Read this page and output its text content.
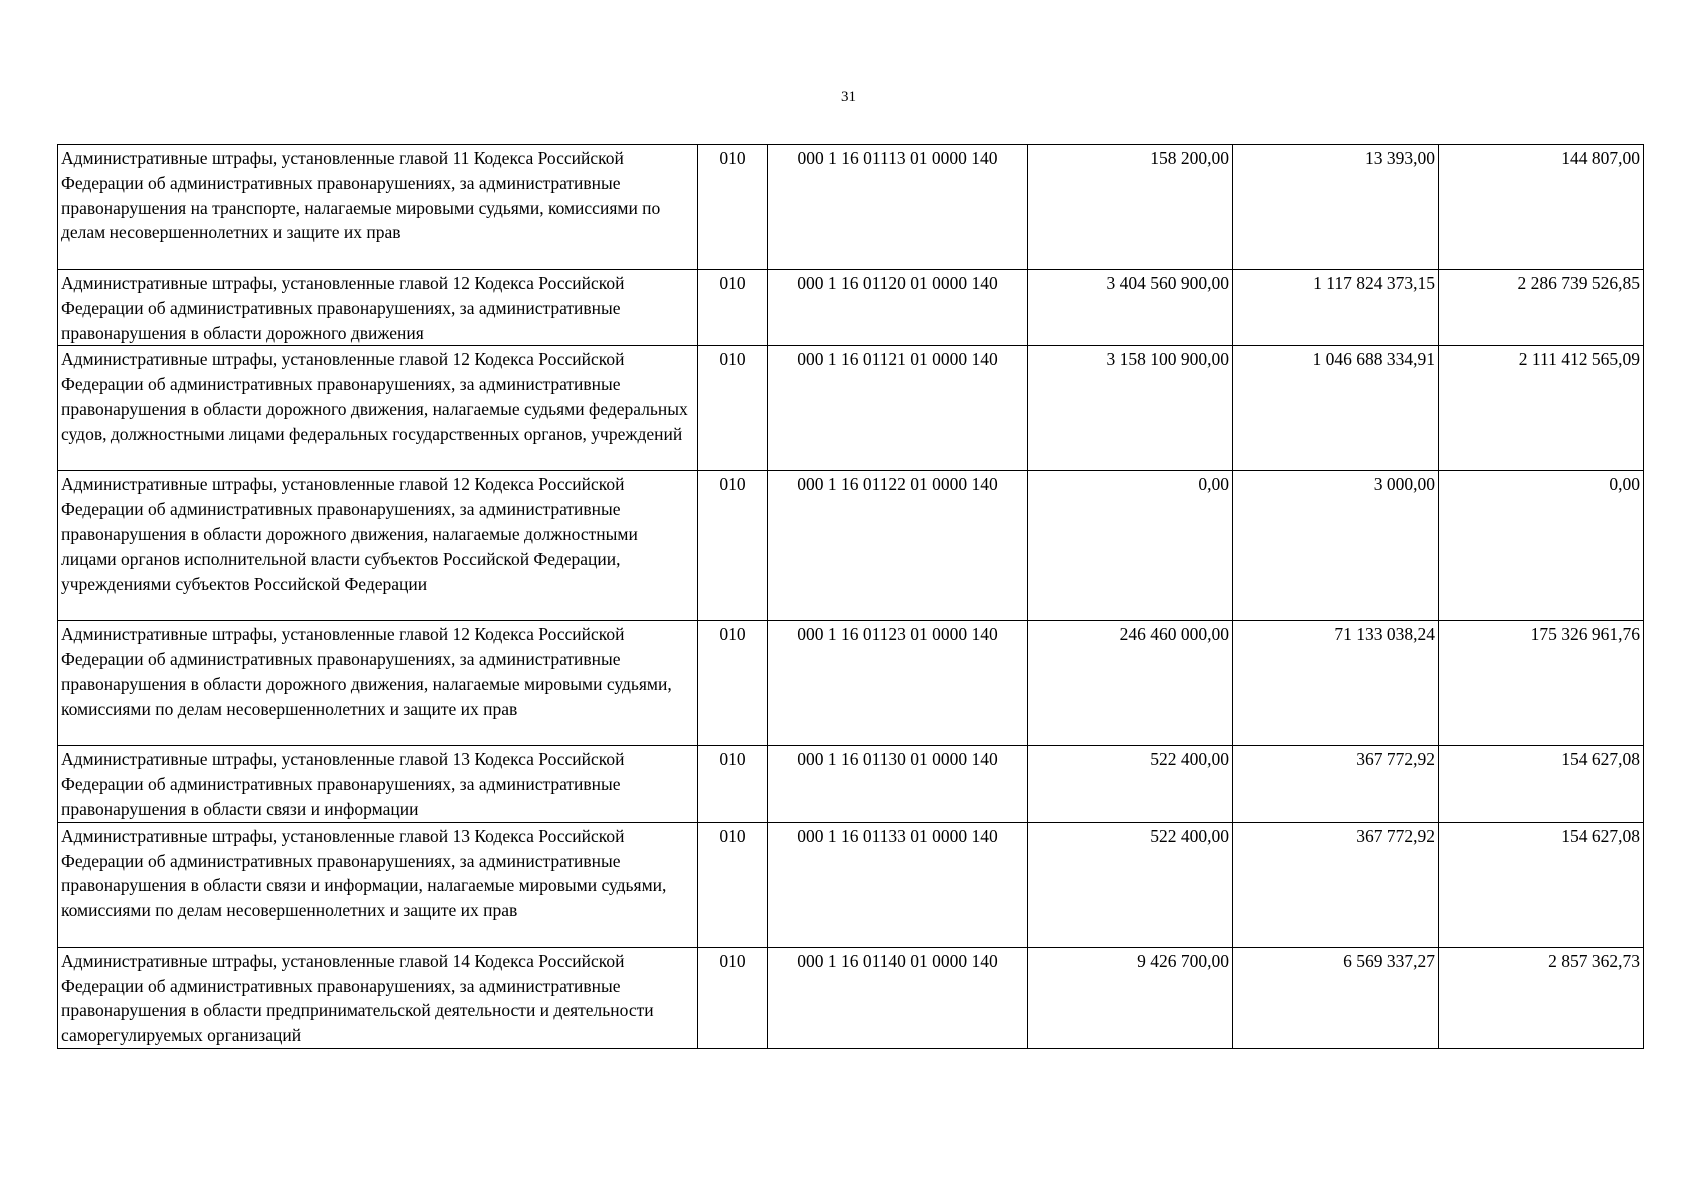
31
Административные штрафы, установленные главой 11 Кодекса Российской Федерации об административных правонарушениях, за административные правонарушения на транспорте, налагаемые мировыми судьями, комиссиями по делам несовершеннолетних и защите их прав	010	000 1 16 01113 01 0000 140	158 200,00	13 393,00	144 807,00
Административные штрафы, установленные главой 12 Кодекса Российской Федерации об административных правонарушениях, за административные правонарушения в области дорожного движения	010	000 1 16 01120 01 0000 140	3 404 560 900,00	1 117 824 373,15	2 286 739 526,85
Административные штрафы, установленные главой 12 Кодекса Российской Федерации об административных правонарушениях, за административные правонарушения в области дорожного движения, налагаемые судьями федеральных судов, должностными лицами федеральных государственных органов, учреждений	010	000 1 16 01121 01 0000 140	3 158 100 900,00	1 046 688 334,91	2 111 412 565,09
Административные штрафы, установленные главой 12 Кодекса Российской Федерации об административных правонарушениях, за административные правонарушения в области дорожного движения, налагаемые должностными лицами органов исполнительной власти субъектов Российской Федерации, учреждениями субъектов Российской Федерации	010	000 1 16 01122 01 0000 140	0,00	3 000,00	0,00
Административные штрафы, установленные главой 12 Кодекса Российской Федерации об административных правонарушениях, за административные правонарушения в области дорожного движения, налагаемые мировыми судьями, комиссиями по делам несовершеннолетних и защите их прав	010	000 1 16 01123 01 0000 140	246 460 000,00	71 133 038,24	175 326 961,76
Административные штрафы, установленные главой 13 Кодекса Российской Федерации об административных правонарушениях, за административные правонарушения в области связи и информации	010	000 1 16 01130 01 0000 140	522 400,00	367 772,92	154 627,08
Административные штрафы, установленные главой 13 Кодекса Российской Федерации об административных правонарушениях, за административные правонарушения в области связи и информации, налагаемые мировыми судьями, комиссиями по делам несовершеннолетних и защите их прав	010	000 1 16 01133 01 0000 140	522 400,00	367 772,92	154 627,08
Административные штрафы, установленные главой 14 Кодекса Российской Федерации об административных правонарушениях, за административные правонарушения в области предпринимательской деятельности и деятельности саморегулируемых организаций	010	000 1 16 01140 01 0000 140	9 426 700,00	6 569 337,27	2 857 362,73
